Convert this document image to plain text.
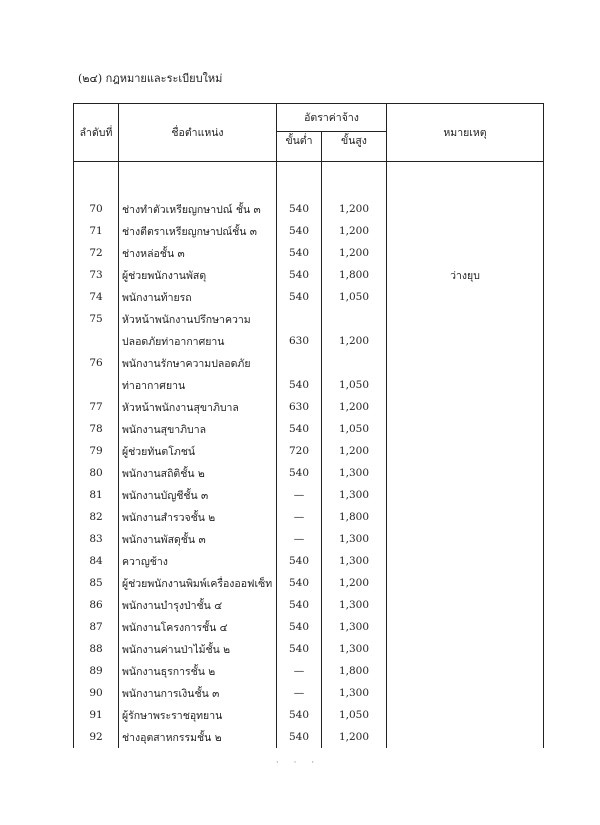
(๒๔) กฎหมายและระเบียบใหม่
ลำดับที่	ชื่อตำแหน่ง	อัตราค่าจ้าง		หมายเหตุ
		ขั้นต่ำ	ขั้นสูง	

70	ช่างทำตัวเหรียญกษาปณ์ ชั้น ๓	540	1,200	
71	ช่างตีตราเหรียญกษาปณ์ชั้น ๓	540	1,200	
72	ช่างหล่อชั้น ๓	540	1,200	
73	ผู้ช่วยพนักงานพัสดุ	540	1,800	ว่างยุบ
74	พนักงานท้ายรถ	540	1,050	
75	หัวหน้าพนักงานปรึกษาความ			
	ปลอดภัยท่าอากาศยาน	630	1,200	
76	พนักงานรักษาความปลอดภัย			
	ท่าอากาศยาน	540	1,050	
77	หัวหน้าพนักงานสุขาภิบาล	630	1,200	
78	พนักงานสุขาภิบาล	540	1,050	
79	ผู้ช่วยทันตโภชน์	720	1,200	
80	พนักงานสถิติชั้น ๒	540	1,300	
81	พนักงานบัญชีชั้น ๓	—	1,300	
82	พนักงานสำรวจชั้น ๒	—	1,800	
83	พนักงานพัสดุชั้น ๓	—	1,300	
84	ควาญช้าง	540	1,300	
85	ผู้ช่วยพนักงานพิมพ์เครื่องออฟเซ็ท	540	1,200	
86	พนักงานบำรุงป่าชั้น ๔	540	1,300	
87	พนักงานโครงการชั้น ๔	540	1,300	
88	พนักงานค่านป่าไม้ชั้น ๒	540	1,300	
89	พนักงานธุรการชั้น ๒	—	1,800	
90	พนักงานการเงินชั้น ๓	—	1,300	
91	ผู้รักษาพระราชอุทยาน	540	1,050	
92	ช่างอุตสาหกรรมชั้น ๒	540	1,200	
· · ·
